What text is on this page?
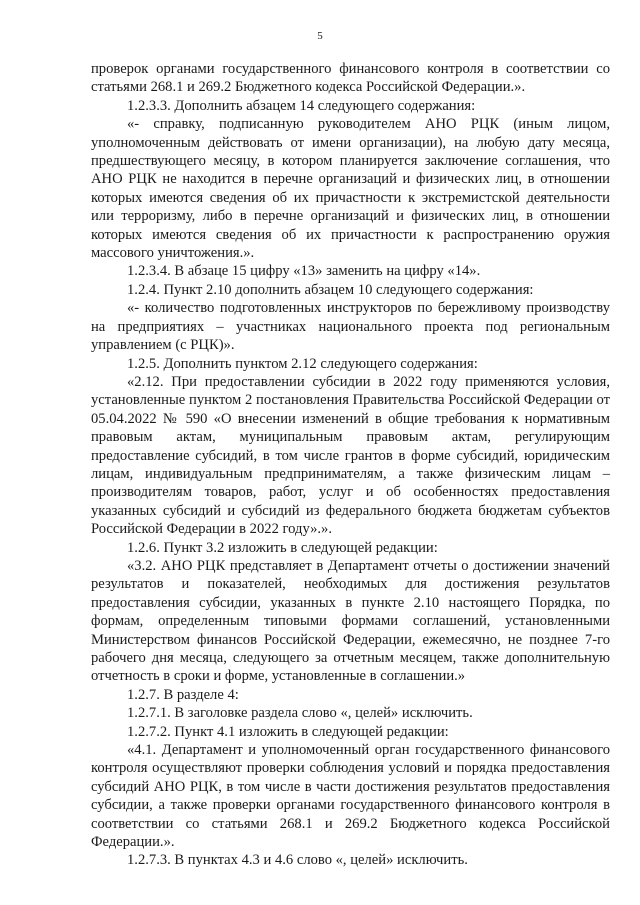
5

проверок органами государственного финансового контроля в соответствии со статьями 268.1 и 269.2 Бюджетного кодекса Российской Федерации.».

1.2.3.3. Дополнить абзацем 14 следующего содержания:

«- справку, подписанную руководителем АНО РЦК (иным лицом, уполномоченным действовать от имени организации), на любую дату месяца, предшествующего месяцу, в котором планируется заключение соглашения, что АНО РЦК не находится в перечне организаций и физических лиц, в отношении которых имеются сведения об их причастности к экстремистской деятельности или терроризму, либо в перечне организаций и физических лиц, в отношении которых имеются сведения об их причастности к распространению оружия массового уничтожения.».

1.2.3.4. В абзаце 15 цифру «13» заменить на цифру «14».

1.2.4. Пункт 2.10 дополнить абзацем 10 следующего содержания:

«- количество подготовленных инструкторов по бережливому производству на предприятиях – участниках национального проекта под региональным управлением (с РЦК)».

1.2.5. Дополнить пунктом 2.12 следующего содержания:

«2.12. При предоставлении субсидии в 2022 году применяются условия, установленные пунктом 2 постановления Правительства Российской Федерации от 05.04.2022 № 590 «О внесении изменений в общие требования к нормативным правовым актам, муниципальным правовым актам, регулирующим предоставление субсидий, в том числе грантов в форме субсидий, юридическим лицам, индивидуальным предпринимателям, а также физическим лицам – производителям товаров, работ, услуг и об особенностях предоставления указанных субсидий и субсидий из федерального бюджета бюджетам субъектов Российской Федерации в 2022 году».».

1.2.6. Пункт 3.2 изложить в следующей редакции:

«3.2. АНО РЦК представляет в Департамент отчеты о достижении значений результатов и показателей, необходимых для достижения результатов предоставления субсидии, указанных в пункте 2.10 настоящего Порядка, по формам, определенным типовыми формами соглашений, установленными Министерством финансов Российской Федерации, ежемесячно, не позднее 7-го рабочего дня месяца, следующего за отчетным месяцем, также дополнительную отчетность в сроки и форме, установленные в соглашении.»

1.2.7. В разделе 4:

1.2.7.1. В заголовке раздела слово «, целей» исключить.

1.2.7.2. Пункт 4.1 изложить в следующей редакции:

«4.1. Департамент и уполномоченный орган государственного финансового контроля осуществляют проверки соблюдения условий и порядка предоставления субсидий АНО РЦК, в том числе в части достижения результатов предоставления субсидии, а также проверки органами государственного финансового контроля в соответствии со статьями 268.1 и 269.2 Бюджетного кодекса Российской Федерации.».

1.2.7.3. В пунктах 4.3 и 4.6 слово «, целей» исключить.
